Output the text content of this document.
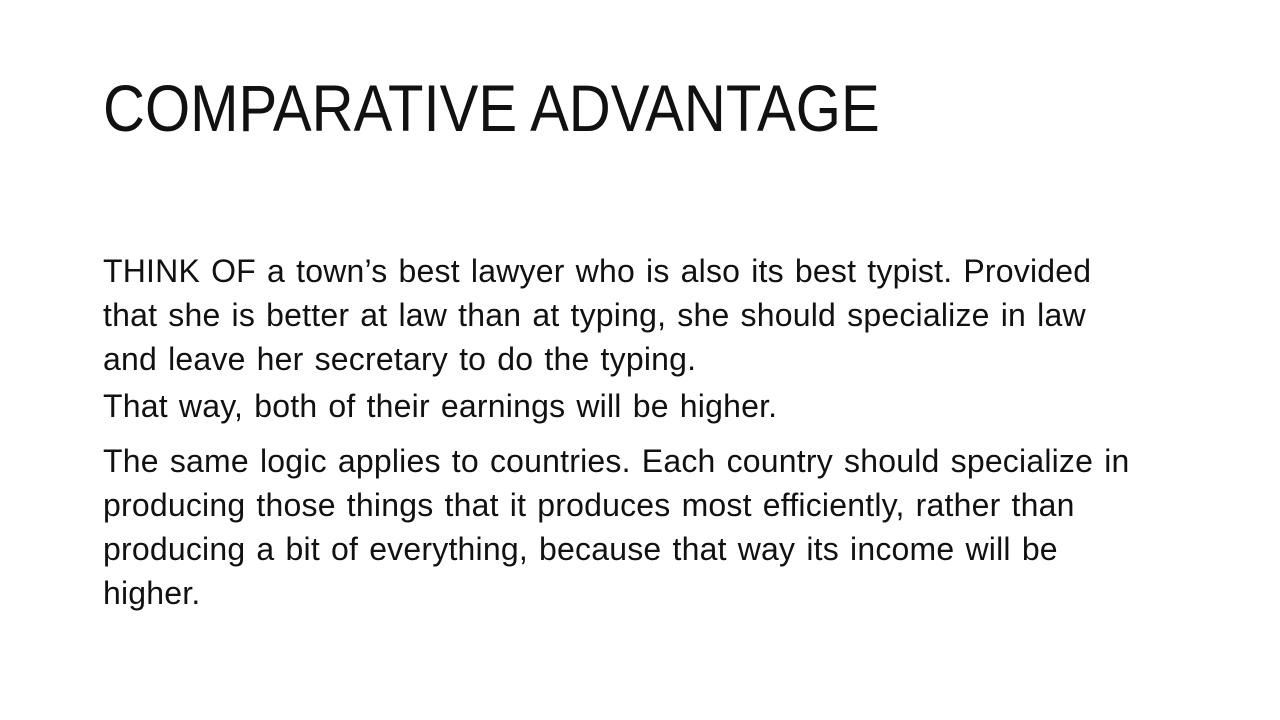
COMPARATIVE ADVANTAGE
THINK OF a town’s best lawyer who is also its best typist. Provided
that she is better at law than at typing, she should specialize in law
and leave her secretary to do the typing.
That way, both of their earnings will be higher.
The same logic applies to countries. Each country should specialize in
producing those things that it produces most efficiently, rather than
producing a bit of everything, because that way its income will be
higher.
